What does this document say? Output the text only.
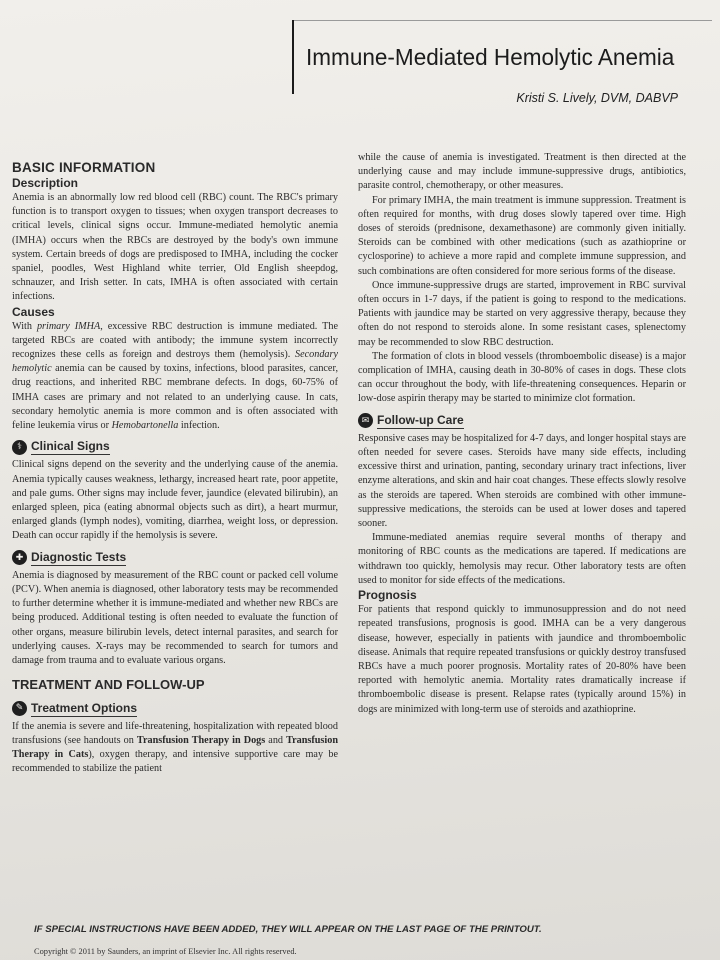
Immune-Mediated Hemolytic Anemia
Kristi S. Lively, DVM, DABVP
BASIC INFORMATION
Description

Anemia is an abnormally low red blood cell (RBC) count. The RBC's primary function is to transport oxygen to tissues; when oxygen transport decreases to critical levels, clinical signs occur. Immune-mediated hemolytic anemia (IMHA) occurs when the RBCs are destroyed by the body's own immune system. Certain breeds of dogs are predisposed to IMHA, including the cocker spaniel, poodles, West Highland white terrier, Old English sheepdog, schnauzer, and Irish setter. In cats, IMHA is often associated with certain infections.

Causes

With primary IMHA, excessive RBC destruction is immune mediated. The targeted RBCs are coated with antibody; the immune system incorrectly recognizes these cells as foreign and destroys them (hemolysis). Secondary hemolytic anemia can be caused by toxins, infections, blood parasites, cancer, drug reactions, and inherited RBC membrane defects. In dogs, 60-75% of IMHA cases are primary and not related to an underlying cause. In cats, secondary hemolytic anemia is more common and is often associated with feline leukemia virus or Hemobartonella infection.

⚕ Clinical Signs

Clinical signs depend on the severity and the underlying cause of the anemia. Anemia typically causes weakness, lethargy, increased heart rate, poor appetite, and pale gums. Other signs may include fever, jaundice (elevated bilirubin), an enlarged spleen, pica (eating abnormal objects such as dirt), a heart murmur, enlarged glands (lymph nodes), vomiting, diarrhea, weight loss, or depression. Death can occur rapidly if the hemolysis is severe.

✚ Diagnostic Tests

Anemia is diagnosed by measurement of the RBC count or packed cell volume (PCV). When anemia is diagnosed, other laboratory tests may be recommended to further determine whether it is immune-mediated and whether new RBCs are being produced. Additional testing is often needed to evaluate the function of other organs, measure bilirubin levels, detect internal parasites, and search for underlying causes. X-rays may be recommended to search for tumors and damage from trauma and to evaluate various organs.

TREATMENT AND FOLLOW-UP
✎ Treatment Options

If the anemia is severe and life-threatening, hospitalization with repeated blood transfusions (see handouts on Transfusion Therapy in Dogs and Transfusion Therapy in Cats), oxygen therapy, and intensive supportive care may be recommended to stabilize the patient

while the cause of anemia is investigated. Treatment is then directed at the underlying cause and may include immune-suppressive drugs, antibiotics, parasite control, chemotherapy, or other measures.

For primary IMHA, the main treatment is immune suppression. Treatment is often required for months, with drug doses slowly tapered over time. High doses of steroids (prednisone, dexamethasone) are commonly given initially. Steroids can be combined with other medications (such as azathioprine or cyclosporine) to achieve a more rapid and complete immune suppression, and such combinations are often considered for more serious forms of the disease.

Once immune-suppressive drugs are started, improvement in RBC survival often occurs in 1-7 days, if the patient is going to respond to the medications. Patients with jaundice may be started on very aggressive therapy, because they often do not respond to steroids alone. In some resistant cases, splenectomy may be recommended to slow RBC destruction.

The formation of clots in blood vessels (thromboembolic disease) is a major complication of IMHA, causing death in 30-80% of cases in dogs. These clots can occur throughout the body, with life-threatening consequences. Heparin or low-dose aspirin therapy may be started to minimize clot formation.

✉ Follow-up Care

Responsive cases may be hospitalized for 4-7 days, and longer hospital stays are often needed for severe cases. Steroids have many side effects, including excessive thirst and urination, panting, secondary urinary tract infections, liver enzyme alterations, and skin and hair coat changes. These effects slowly resolve as the steroids are tapered. When steroids are combined with other immune-suppressive medications, the steroids can be used at lower doses and tapered sooner.

Immune-mediated anemias require several months of therapy and monitoring of RBC counts as the medications are tapered. If medications are withdrawn too quickly, hemolysis may recur. Other laboratory tests are often used to monitor for side effects of the medications.

Prognosis

For patients that respond quickly to immunosuppression and do not need repeated transfusions, prognosis is good. IMHA can be a very dangerous disease, however, especially in patients with jaundice and thromboembolic disease. Animals that require repeated transfusions or quickly destroy transfused RBCs have a much poorer prognosis. Mortality rates of 20-80% have been reported with hemolytic anemia. Mortality rates dramatically increase if thromboembolic disease is present. Relapse rates (typically around 15%) in dogs are minimized with long-term use of steroids and azathioprine.

IF SPECIAL INSTRUCTIONS HAVE BEEN ADDED, THEY WILL APPEAR ON THE LAST PAGE OF THE PRINTOUT.
Copyright © 2011 by Saunders, an imprint of Elsevier Inc. All rights reserved.
